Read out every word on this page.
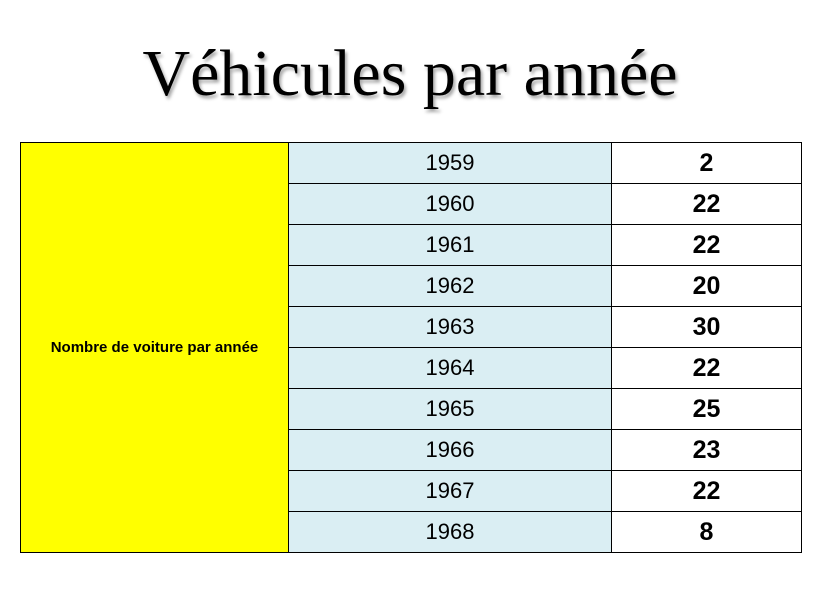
Véhicules par année
Nombre de voiture par année	1959	2
	1960	22
	1961	22
	1962	20
	1963	30
	1964	22
	1965	25
	1966	23
	1967	22
	1968	8
